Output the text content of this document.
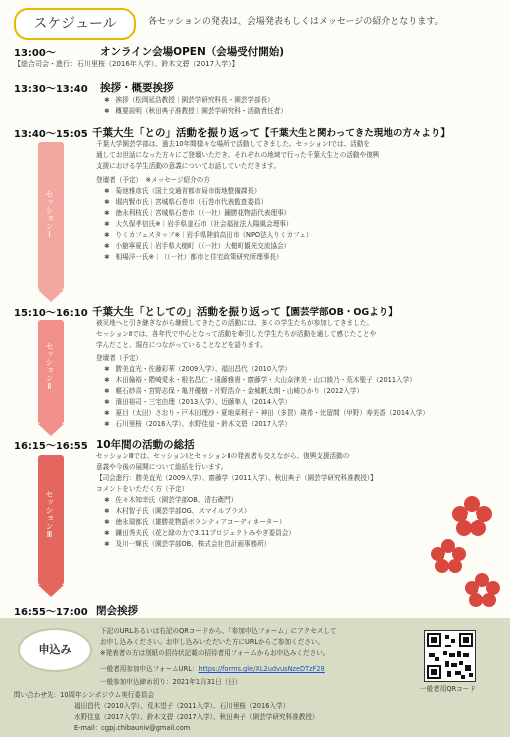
スケジュール	各セッションの発表は、会場発表もしくはメッセージの紹介となります。
13:00〜	オンライン会場OPEN（会場受付開始)
【総合司会・進行：石川里桜（2016年入学）、鈴木文碧（2017入学）】
13:30〜13:40 挨拶・概要挨拶
✱ 挨拶（松岡延浩教授｜園芸学研究科長・園芸学部長）
✱ 概要説明（秋田典子准教授｜園芸学研究科・活動責任者）
13:40〜15:05 千葉大生「との」活動を振り返って【千葉大生と関わってきた現地の方々より】
セッションⅠ
千葉大学園芸学部は、過去10年間様々な場所で活動してきました。セッションⅠでは、活動を
通してお世話になった方々にご登壇いただき、それぞれの地域で行った千葉大生との活動や復興
支援における学生活動の意義についてお話していただきます。
登壇者（予定）　※メッセージ紹介の方
✱ 菊池雅彦氏（国土交通省都市局市街地整備課長）
✱ 堀内賢市氏｜宮城県石巻市（石巻市代表監査委員）
✱ 徳永利枝氏｜宮城県石巻市（（一社）鐘勝花物語代表理事）
✱ 大久保孝信氏※｜岩手県釜石市（社会福祉法人陽風会理事）
✱ りくカフェスタッフ※｜岩手県陸前高田市（NPO法人りくカフェ）
✱ 小舘寧夏氏｜岩手県大槌町（（一社）大槌町観光交流協会）
✱ 相場洋一氏※｜（（一社）都市と住宅政策研究所理事長）
15:10〜16:10 千葉大生「としての」活動を振り返って【園芸学部OB・OGより】
セッションⅡ
被災地へと引き継ぎながら継続してきたこの活動には、多くの学生たちが参加してきました。
セッションⅡでは、各年代で中心となって活動を牽引した学生たちが活動を通して感じたことや
学んだこと、現在につながっていることなどを語ります。
登壇者（予定）
✱ 勝美直光・佐藤彩華（2009入学）、福田昌代（2010入学）
✱ 木田倫裕・隈崎愛永・根名昌仁・遠藤雅貴・齋藤学・大山奈津美・山口綾乃・荒木聖子（2011入学）
✱ 軽石紗喜・宮野志保・亀井優樹・片野浩介・金城帆太朗・山崎ひかり（2012入学）
✱ 濱田裕司・三宅由理（2013入学）、近藤隼人（2014入学）
✱ 夏目（太田）さおり・戸木田理沙・夏地栞利子・神田（多賀）瑛希・比留間（甲野）寿美香（2014入学）
✱ 石川里桜（2016入学）、水野佳皇・鈴木文碧（2017入学）
16:15〜16:55 10年間の活動の総括
セッションⅢ
セッションⅢでは、セッションⅠとセッションⅡの発表者も交えながら、復興支援活動の
意義や今後の展開について総括を行います。
【司会進行：勝美直光（2009入学）、齋藤学（2011入学）、秋田典子（園芸学研究科准教授）】
コメントをいただく方（予定）
✱ 佐々木知幸氏（園芸学部OB、清右衛門）
✱ 木村智子氏（園芸学部OG、スマイルプラス）
✱ 徳永瑞都氏（雄勝花物語ボランティアコーディネーター）
✱ 鎌田秀夫氏（花と緑の力で3.11プロジェクトみやぎ委員会）
✱ 及川一輝氏（園芸学部OB、株式会社邑計画事務所）
16:55〜17:00 閉会挨拶
申込み
下記のURLあるいは右記のQRコードから、「参加申込フォーム」にアクセスして
お申し込みください。お申し込みいただいた方にURLからご参加ください。
※発表者の方は別紙の招待状記載の招待者用フォームからお申込みください。
一般者用参加申込フォームURL：https://forms.gle/XL2udvusNzeDTzF28
一般参加申込締め切り：2021年1月31日（日）
一般者用QRコード
問い合わせ先：10周年シンポジウム実行委員会
福田昌代（2010入学）、荒木望子（2011入学）、石川里桜（2016入学）
水野佳皇（2017入学）、鈴木文碧（2017入学）、秋田典子（園芸学研究科准教授）
E-mail：cgpj.chibauniv@gmail.com
